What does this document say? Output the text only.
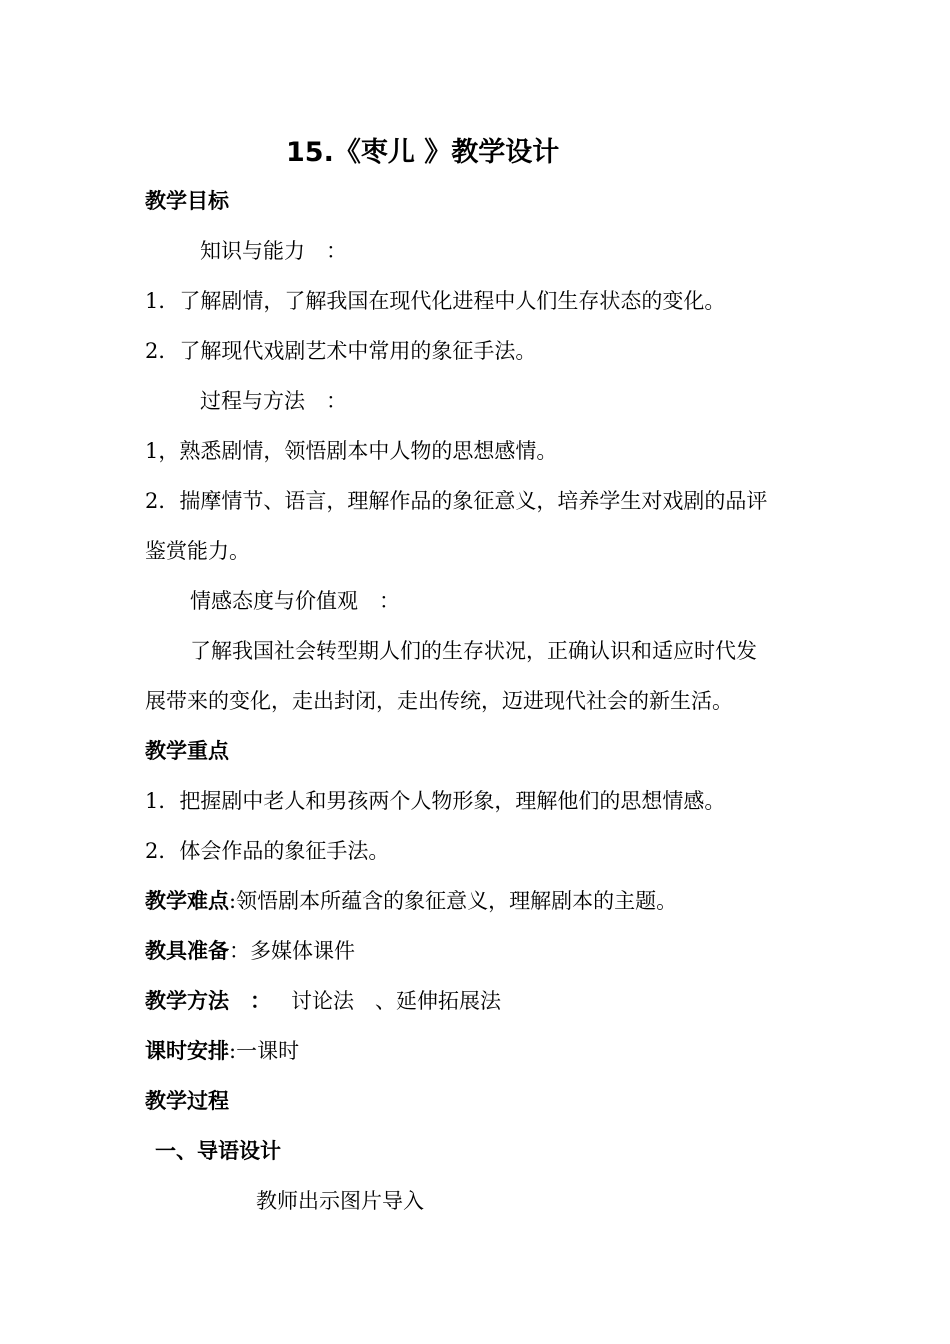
15.《枣儿 》教学设计
教学目标
知识与能力　：
1．了解剧情，了解我国在现代化进程中人们生存状态的变化。
2．了解现代戏剧艺术中常用的象征手法。
过程与方法　：
1，熟悉剧情，领悟剧本中人物的思想感情。
2．揣摩情节、语言，理解作品的象征意义，培养学生对戏剧的品评
鉴赏能力。
情感态度与价值观　：
了解我国社会转型期人们的生存状况，正确认识和适应时代发
展带来的变化，走出封闭，走出传统，迈进现代社会的新生活。
教学重点
1．把握剧中老人和男孩两个人物形象，理解他们的思想情感。
2．体会作品的象征手法。
教学难点:领悟剧本所蕴含的象征意义，理解剧本的主题。
教具准备：多媒体课件
教学方法　： 讨论法　、延伸拓展法
课时安排:一课时
教学过程
一、导语设计
教师出示图片导入
